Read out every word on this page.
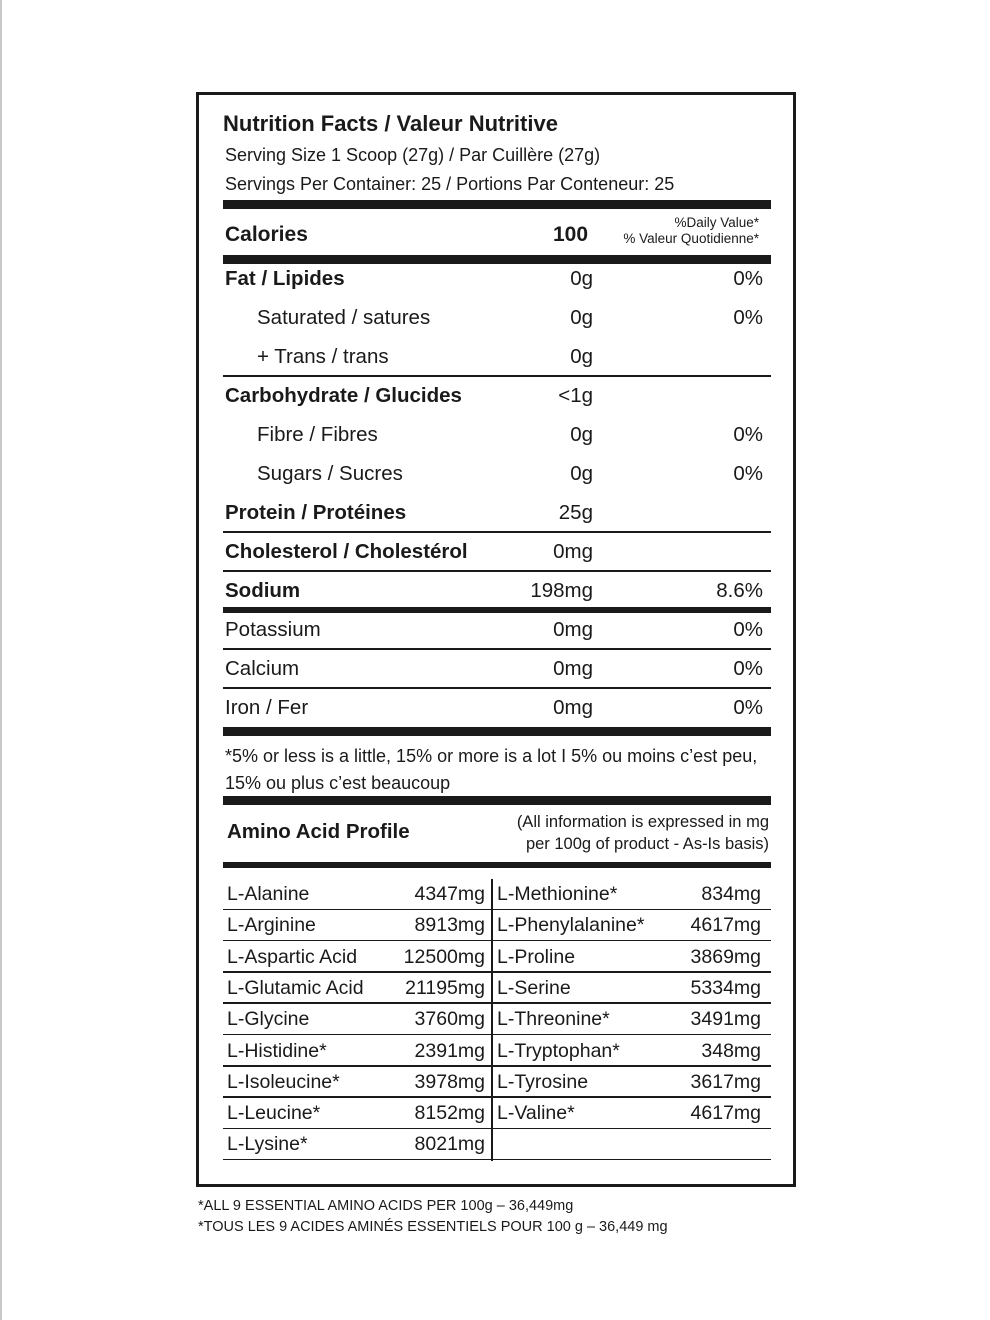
Nutrition Facts / Valeur Nutritive
Serving Size 1 Scoop (27g) / Par Cuillère (27g)
Servings Per Container: 25 / Portions Par Conteneur: 25
Calories	100
%Daily Value*
% Valeur Quotidienne*
Fat / Lipides	0g	0%
Saturated / satures	0g	0%
+ Trans / trans	0g
Carbohydrate / Glucides	<1g
Fibre / Fibres	0g	0%
Sugars / Sucres	0g	0%
Protein / Protéines	25g
Cholesterol / Cholestérol	0mg
Sodium	198mg	8.6%
Potassium	0mg	0%
Calcium	0mg	0%
Iron / Fer	0mg	0%
*5% or less is a little, 15% or more is a lot I 5% ou moins c’est peu, 15% ou plus c’est beaucoup
Amino Acid Profile	(All information is expressed in mg
per 100g of product - As-Is basis)
L-Alanine	4347mg L-Methionine*	834mg
L-Arginine	8913mg L-Phenylalanine* 4617mg
L-Aspartic Acid 12500mg L-Proline	3869mg
L-Glutamic Acid 21195mg L-Serine	5334mg
L-Glycine	3760mg L-Threonine*	3491mg
L-Histidine*	2391mg L-Tryptophan*	348mg
L-Isoleucine*	3978mg L-Tyrosine	3617mg
L-Leucine*	8152mg L-Valine*	4617mg
L-Lysine*	8021mg
*ALL 9 ESSENTIAL AMINO ACIDS PER 100g – 36,449mg
*TOUS LES 9 ACIDES AMINÉS ESSENTIELS POUR 100 g – 36,449 mg
